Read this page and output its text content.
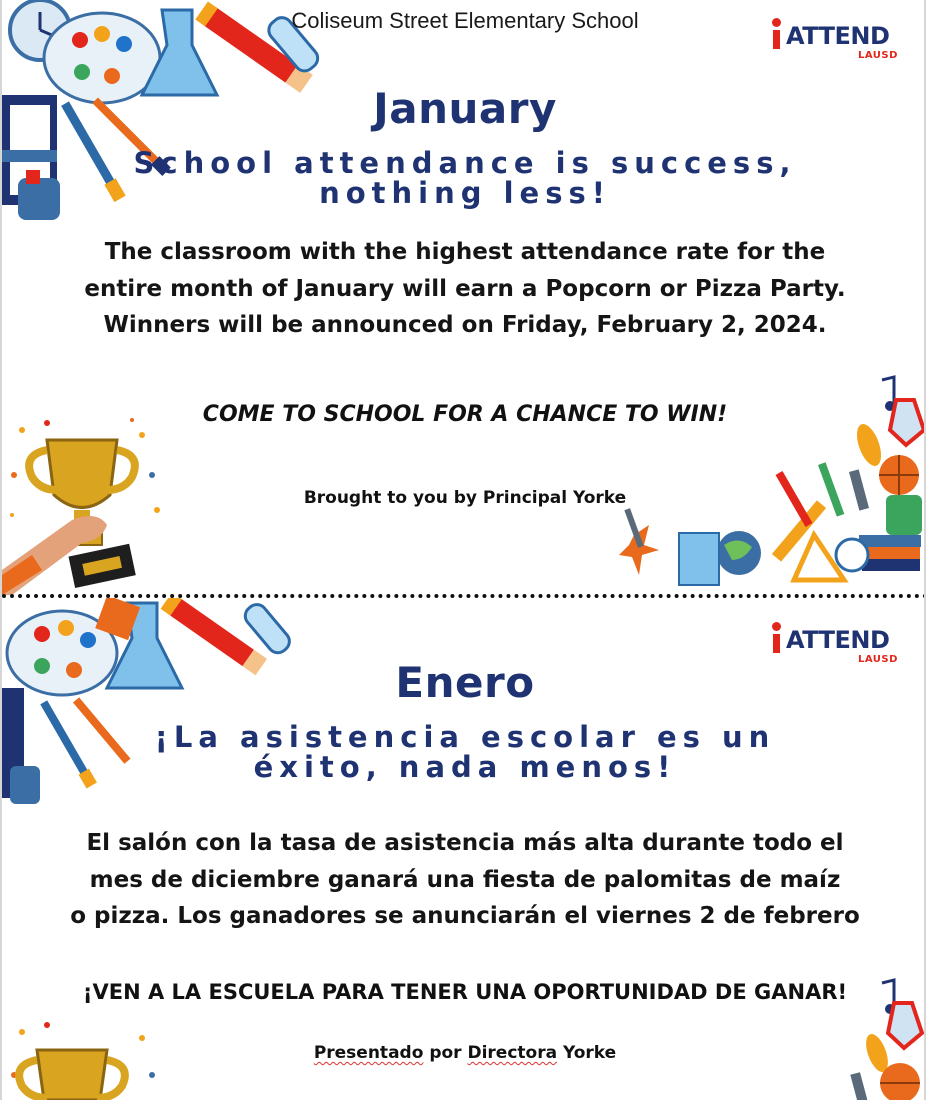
ATTEND
LAUSD
Coliseum Street Elementary School
January
School attendance is success,
nothing less!
The classroom with the highest attendance rate for the
entire month of January will earn a Popcorn or Pizza Party.
Winners will be announced on Friday, February 2, 2024.
COME TO SCHOOL FOR A CHANCE TO WIN!
Brought to you by Principal Yorke
ATTEND
LAUSD
Enero
¡La asistencia escolar es un
éxito, nada menos!
El salón con la tasa de asistencia más alta durante todo el
mes de diciembre ganará una fiesta de palomitas de maíz
o pizza. Los ganadores se anunciarán el viernes 2 de febrero
¡VEN A LA ESCUELA PARA TENER UNA OPORTUNIDAD DE GANAR!
Presentado por Directora Yorke
